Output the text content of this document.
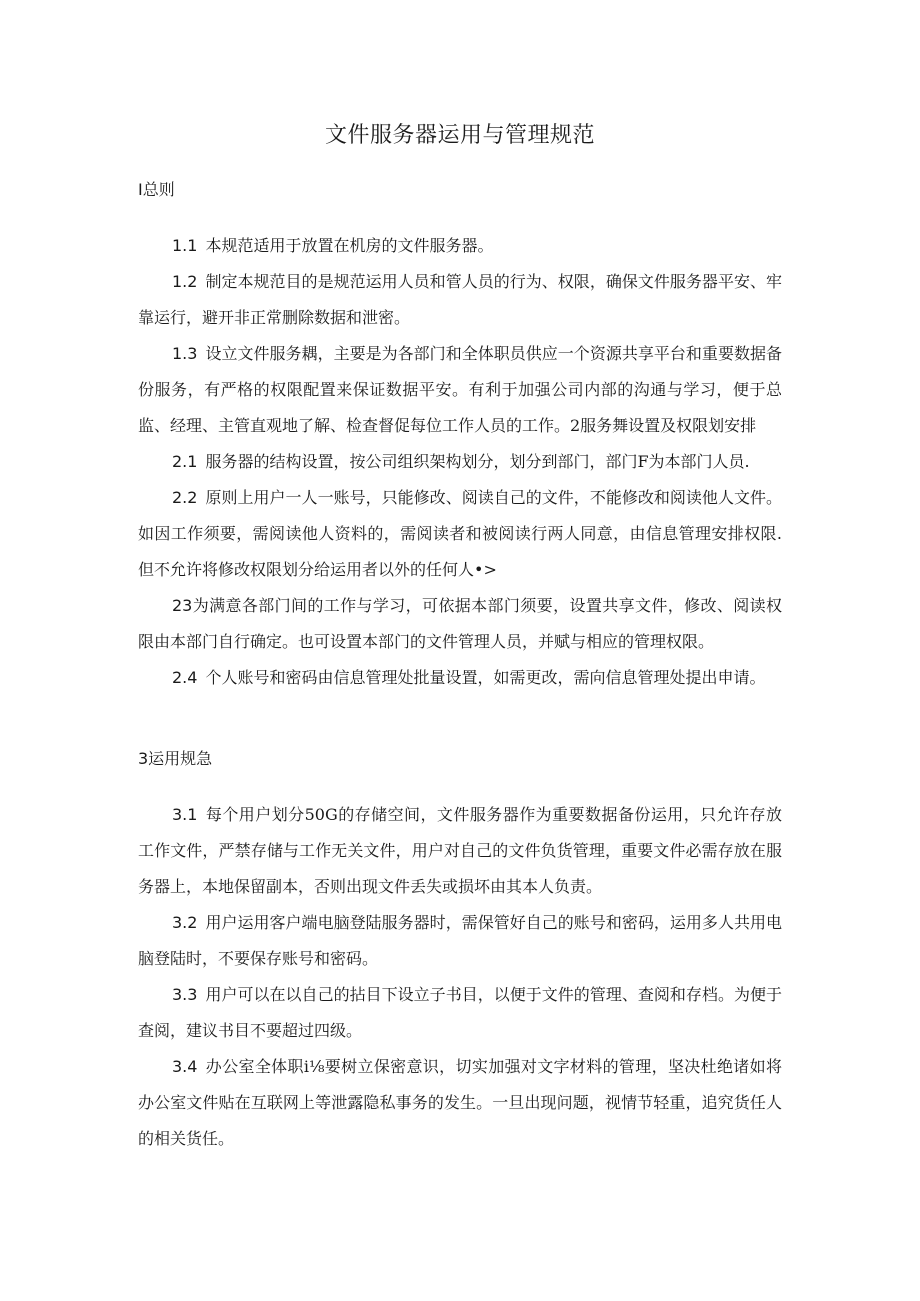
文件服务器运用与管理规范
I总则

1.1 本规范适用于放置在机房的文件服务器。

1.2 制定本规范目的是规范运用人员和管人员的行为、权限，确保文件服务器平安、牢靠运行，避开非正常删除数据和泄密。

1.3 设立文件服务耦，主要是为各部门和全体职员供应一个资源共享平台和重要数据备份服务，有严格的权限配置来保证数据平安。有利于加强公司内部的沟通与学习，便于总监、经理、主管直观地了解、检查督促每位工作人员的工作。2服务舞设置及权限划安排

2.1 服务器的结构设置，按公司组织架构划分，划分到部门，部门F为本部门人员.

2.2 原则上用户一人一账号，只能修改、阅读自己的文件，不能修改和阅读他人文件。如因工作须要，需阅读他人资料的，需阅读者和被阅读行两人同意，由信息管理安排权限.但不允许将修改权限划分给运用者以外的任何人•>

23为满意各部门间的工作与学习，可依据本部门须要，设置共享文件，修改、阅读权限由本部门自行确定。也可设置本部门的文件管理人员，并赋与相应的管理权限。

2.4 个人账号和密码由信息管理处批量设置，如需更改，需向信息管理处提出申请。

3运用规急

3.1 每个用户划分50G的存储空间，文件服务器作为重要数据备份运用，只允许存放工作文件，严禁存储与工作无关文件，用户对自己的文件负货管理，重要文件必需存放在服务器上，本地保留副本，否则出现文件丢失或损坏由其本人负责。

3.2 用户运用客户端电脑登陆服务器时，需保管好自己的账号和密码，运用多人共用电脑登陆时，不要保存账号和密码。

3.3 用户可以在以自己的拈目下设立子书目，以便于文件的管理、查阅和存档。为便于查阅，建议书目不要超过四级。

3.4 办公室全体职i⅛要树立保密意识，切实加强对文字材料的管理，坚决杜绝诸如将办公室文件贴在互联网上等泄露隐私事务的发生。一旦出现问题，视情节轻重，追究货任人的相关货任。
